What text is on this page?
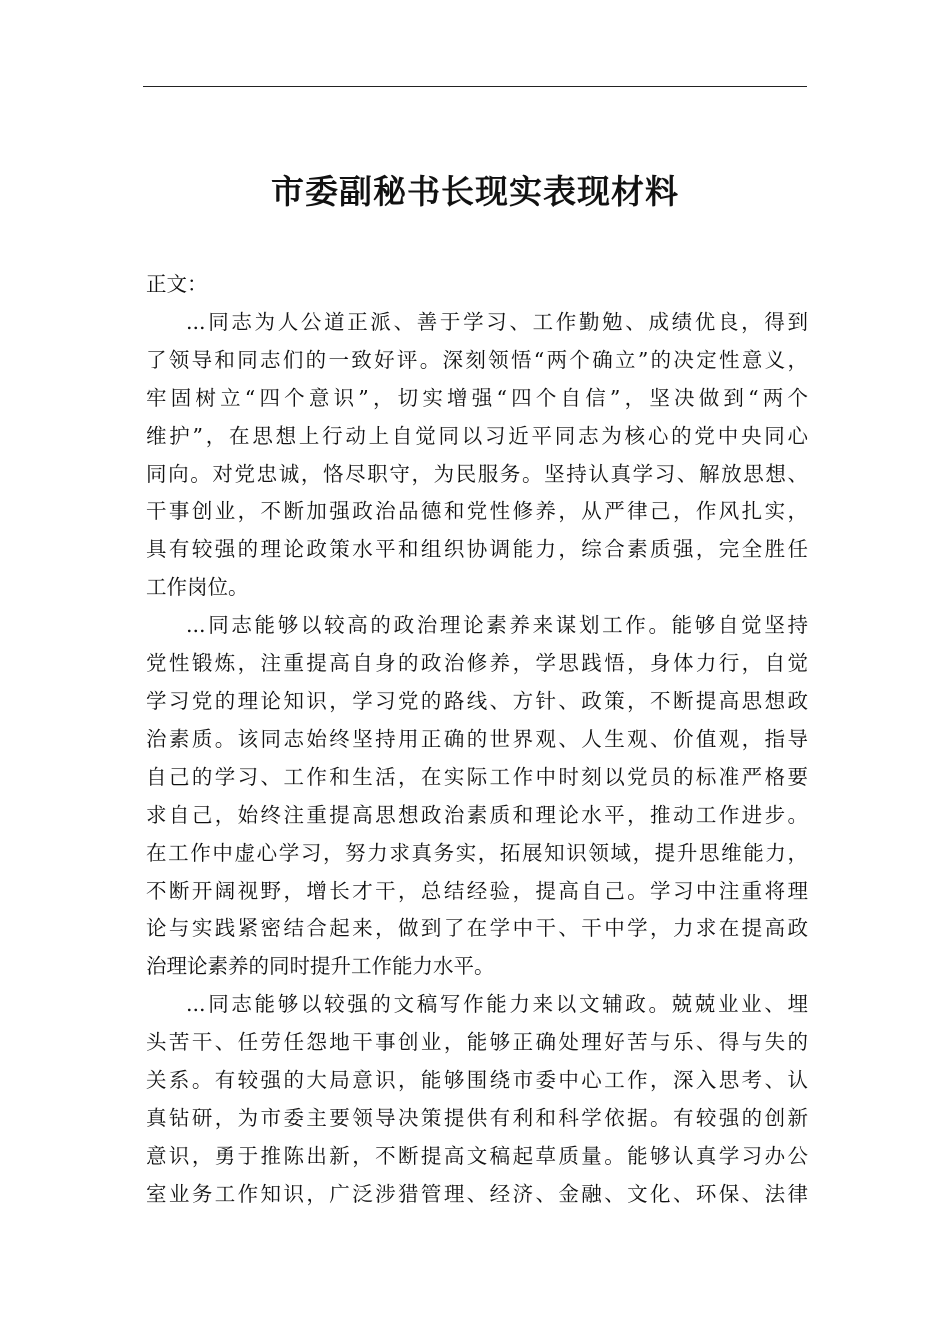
市委副秘书长现实表现材料

正文：

...同志为人公道正派、善于学习、工作勤勉、成绩优良，得到
了领导和同志们的一致好评。深刻领悟“两个确立”的决定性意义，
牢固树立“四个意识”，切实增强“四个自信”，坚决做到“两个
维护”，在思想上行动上自觉同以习近平同志为核心的党中央同心
同向。对党忠诚，恪尽职守，为民服务。坚持认真学习、解放思想、
干事创业，不断加强政治品德和党性修养，从严律己，作风扎实，
具有较强的理论政策水平和组织协调能力，综合素质强，完全胜任
工作岗位。
...同志能够以较高的政治理论素养来谋划工作。能够自觉坚持
党性锻炼，注重提高自身的政治修养，学思践悟，身体力行，自觉
学习党的理论知识，学习党的路线、方针、政策，不断提高思想政
治素质。该同志始终坚持用正确的世界观、人生观、价值观，指导
自己的学习、工作和生活，在实际工作中时刻以党员的标准严格要
求自己，始终注重提高思想政治素质和理论水平，推动工作进步。
在工作中虚心学习，努力求真务实，拓展知识领域，提升思维能力，
不断开阔视野，增长才干，总结经验，提高自己。学习中注重将理
论与实践紧密结合起来，做到了在学中干、干中学，力求在提高政
治理论素养的同时提升工作能力水平。
...同志能够以较强的文稿写作能力来以文辅政。兢兢业业、埋
头苦干、任劳任怨地干事创业，能够正确处理好苦与乐、得与失的
关系。有较强的大局意识，能够围绕市委中心工作，深入思考、认
真钻研，为市委主要领导决策提供有利和科学依据。有较强的创新
意识，勇于推陈出新，不断提高文稿起草质量。能够认真学习办公
室业务工作知识，广泛涉猎管理、经济、金融、文化、环保、法律
